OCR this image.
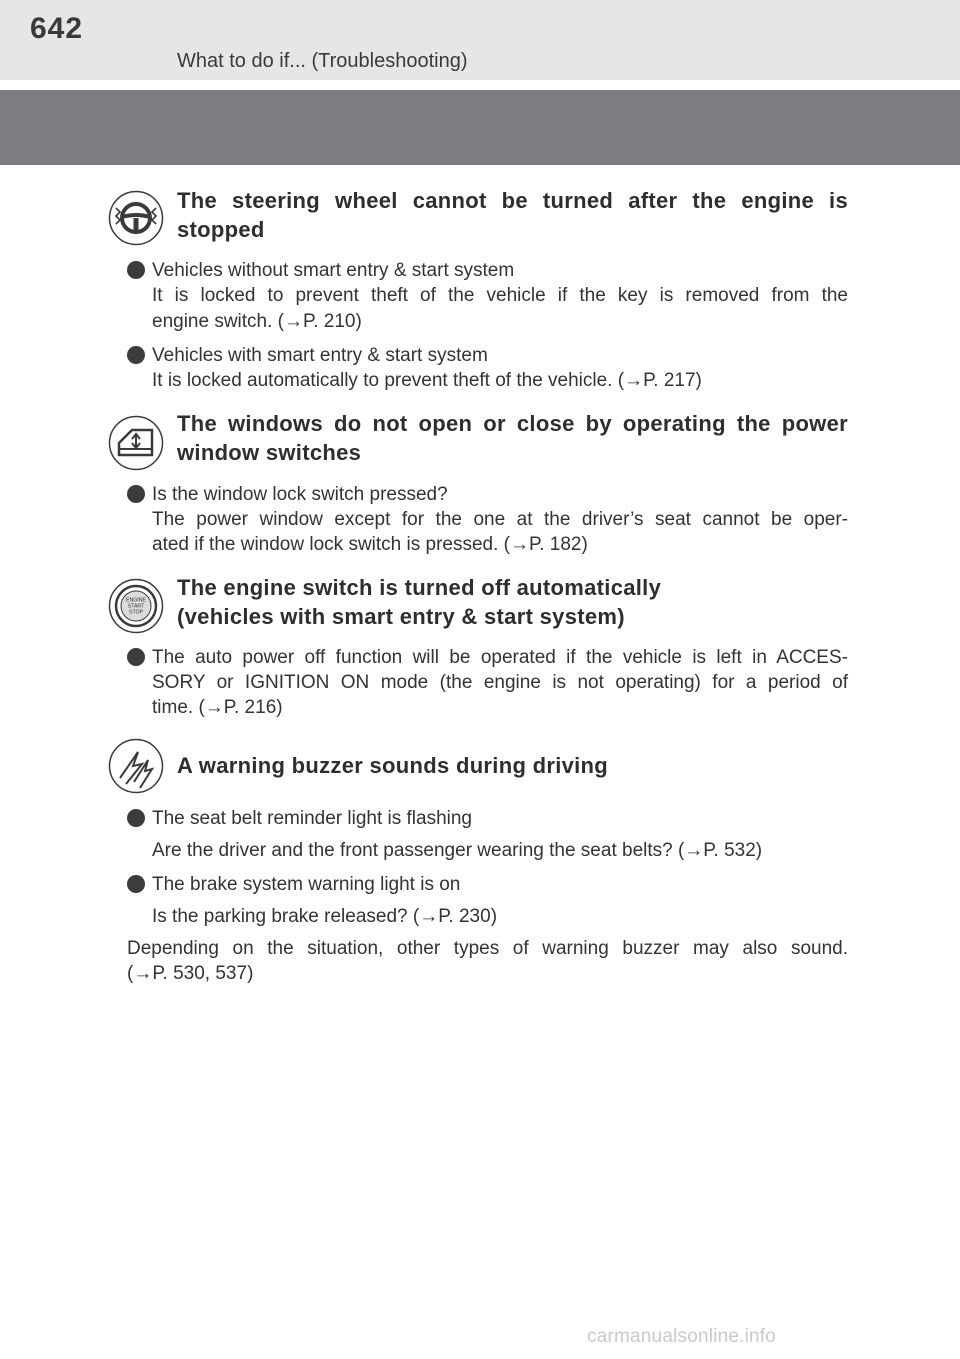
642
What to do if... (Troubleshooting)
The steering wheel cannot be turned after the engine is
stopped
Vehicles without smart entry & start system
It is locked to prevent theft of the vehicle if the key is removed from the
engine switch. (→P. 210)
Vehicles with smart entry & start system
It is locked automatically to prevent theft of the vehicle. (→P. 217)
The windows do not open or close by operating the power
window switches
Is the window lock switch pressed?
The power window except for the one at the driver’s seat cannot be oper-
ated if the window lock switch is pressed. (→P. 182)
ENGINE
START
STOP
The engine switch is turned off automatically
(vehicles with smart entry & start system)
The auto power off function will be operated if the vehicle is left in ACCES-
SORY or IGNITION ON mode (the engine is not operating) for a period of
time. (→P. 216)
A warning buzzer sounds during driving
The seat belt reminder light is flashing
Are the driver and the front passenger wearing the seat belts? (→P. 532)
The brake system warning light is on
Is the parking brake released? (→P. 230)
Depending on the situation, other types of warning buzzer may also sound.
(→P. 530, 537)
carmanualsonline.info
